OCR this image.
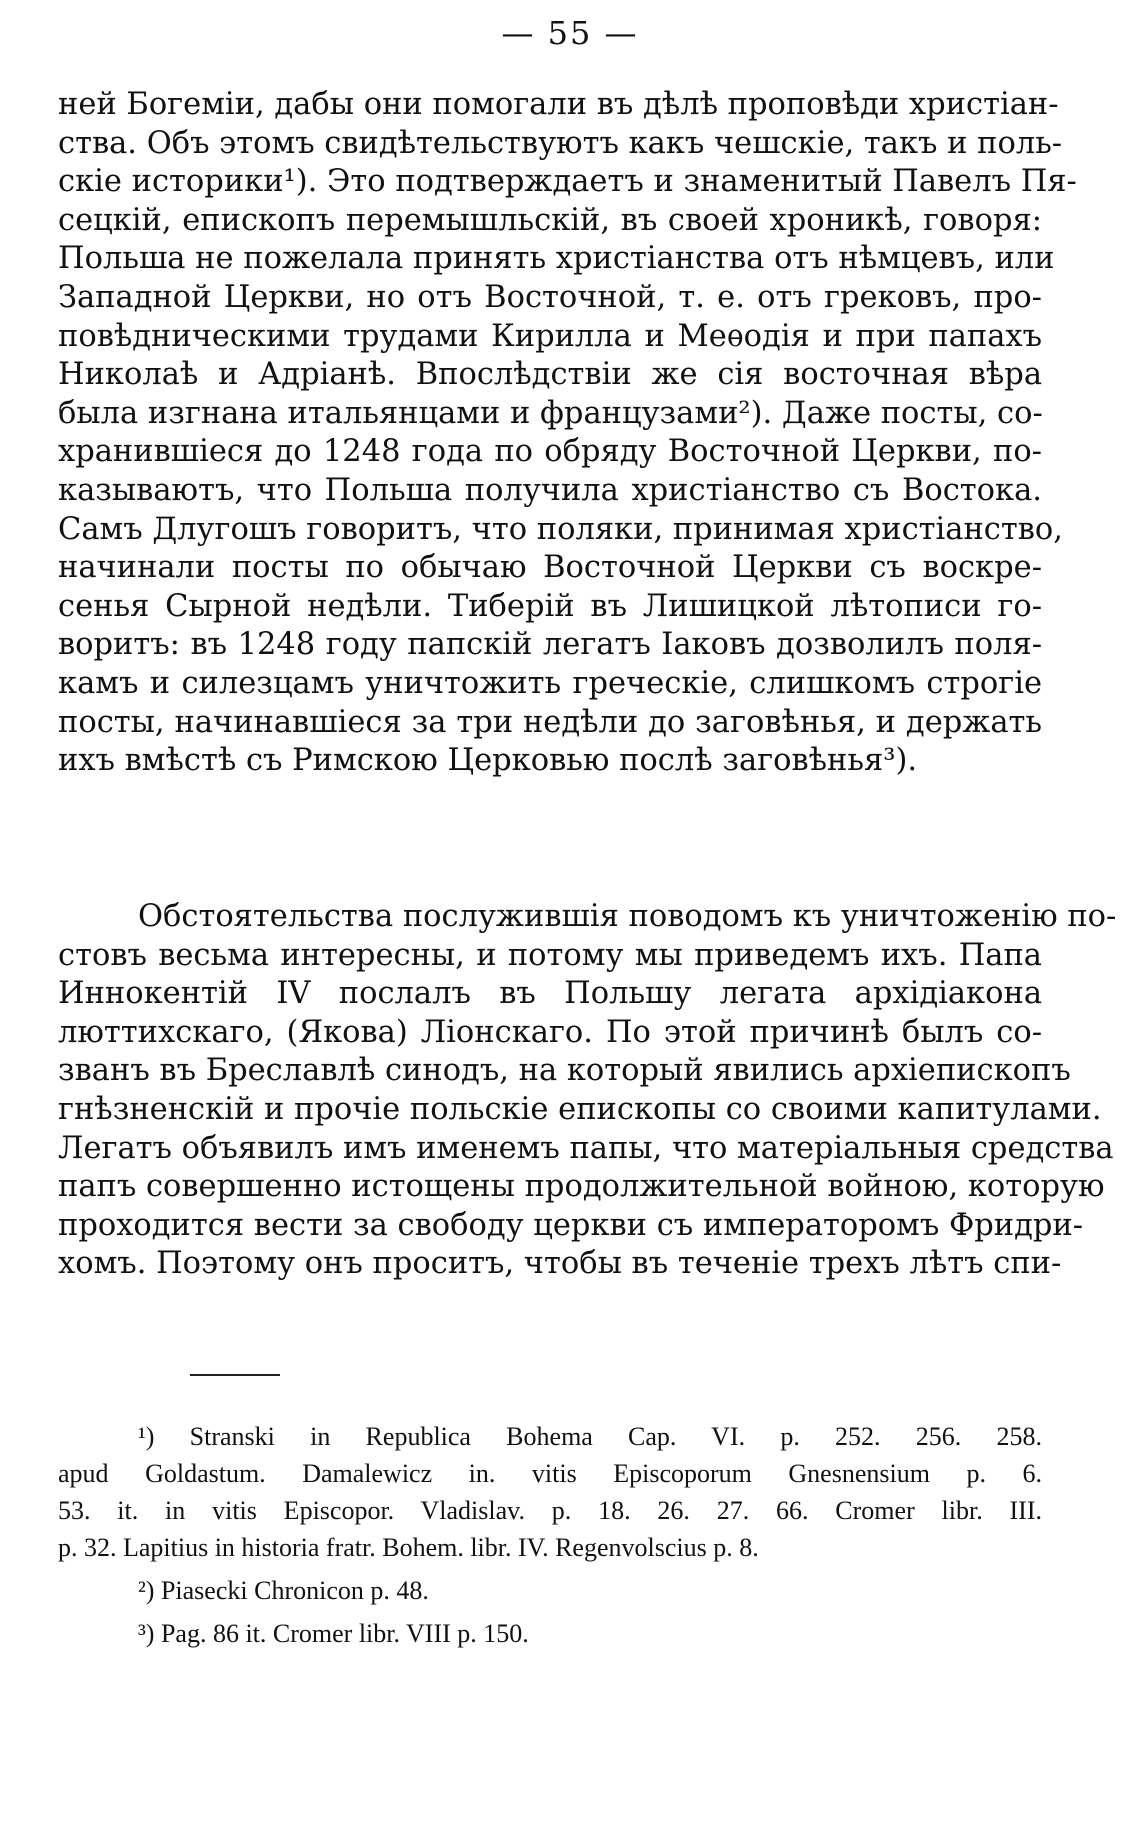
— 55 —
ней Богеміи, дабы они помогали въ дѣлѣ проповѣди христіан-
ства. Объ этомъ свидѣтельствуютъ какъ чешскіе, такъ и поль-
скіе историки¹). Это подтверждаетъ и знаменитый Павелъ Пя-
сецкій, епископъ перемышльскій, въ своей хроникѣ, говоря:
Польша не пожелала принять христіанства отъ нѣмцевъ, или
Западной Церкви, но отъ Восточной, т. е. отъ грековъ, про-
повѣдническими трудами Кирилла и Меѳодія и при папахъ
Николаѣ и Адріанѣ. Впослѣдствіи же сія восточная вѣра
была изгнана итальянцами и французами²). Даже посты, со-
хранившіеся до 1248 года по обряду Восточной Церкви, по-
казываютъ, что Польша получила христіанство съ Востока.
Самъ Длугошъ говоритъ, что поляки, принимая христіанство,
начинали посты по обычаю Восточной Церкви съ воскре-
сенья Сырной недѣли. Тиберій въ Лишицкой лѣтописи го-
воритъ: въ 1248 году папскій легатъ Іаковъ дозволилъ поля-
камъ и силезцамъ уничтожить греческіе, слишкомъ строгіе
посты, начинавшіеся за три недѣли до заговѣнья, и держать
ихъ вмѣстѣ съ Римскою Церковью послѣ заговѣнья³).
Обстоятельства послужившія поводомъ къ уничтоженію по-
стовъ весьма интересны, и потому мы приведемъ ихъ. Папа
Иннокентій IV послалъ въ Польшу легата архідіакона
люттихскаго, (Якова) Ліонскаго. По этой причинѣ былъ со-
званъ въ Бреславлѣ синодъ, на который явились архіепископъ
гнѣзненскій и прочіе польскіе епископы со своими капитулами.
Легатъ объявилъ имъ именемъ папы, что матеріальныя средства
папъ совершенно истощены продолжительной войною, которую
проходится вести за свободу церкви съ императоромъ Фридри-
хомъ. Поэтому онъ проситъ, чтобы въ теченіе трехъ лѣтъ спи-
¹) Stranski in Republica Bohema Cap. VI. p. 252. 256. 258.
apud Goldastum. Damalewicz in. vitis Episcoporum Gnesnensium p. 6.
53. it. in vitis Episcopor. Vladislav. p. 18. 26. 27. 66. Cromer libr. III.
p. 32. Lapitius in historia fratr. Bohem. libr. IV. Regenvolscius p. 8.
²) Piasecki Chronicon p. 48.
³) Pag. 86 it. Cromer libr. VIII p. 150.
